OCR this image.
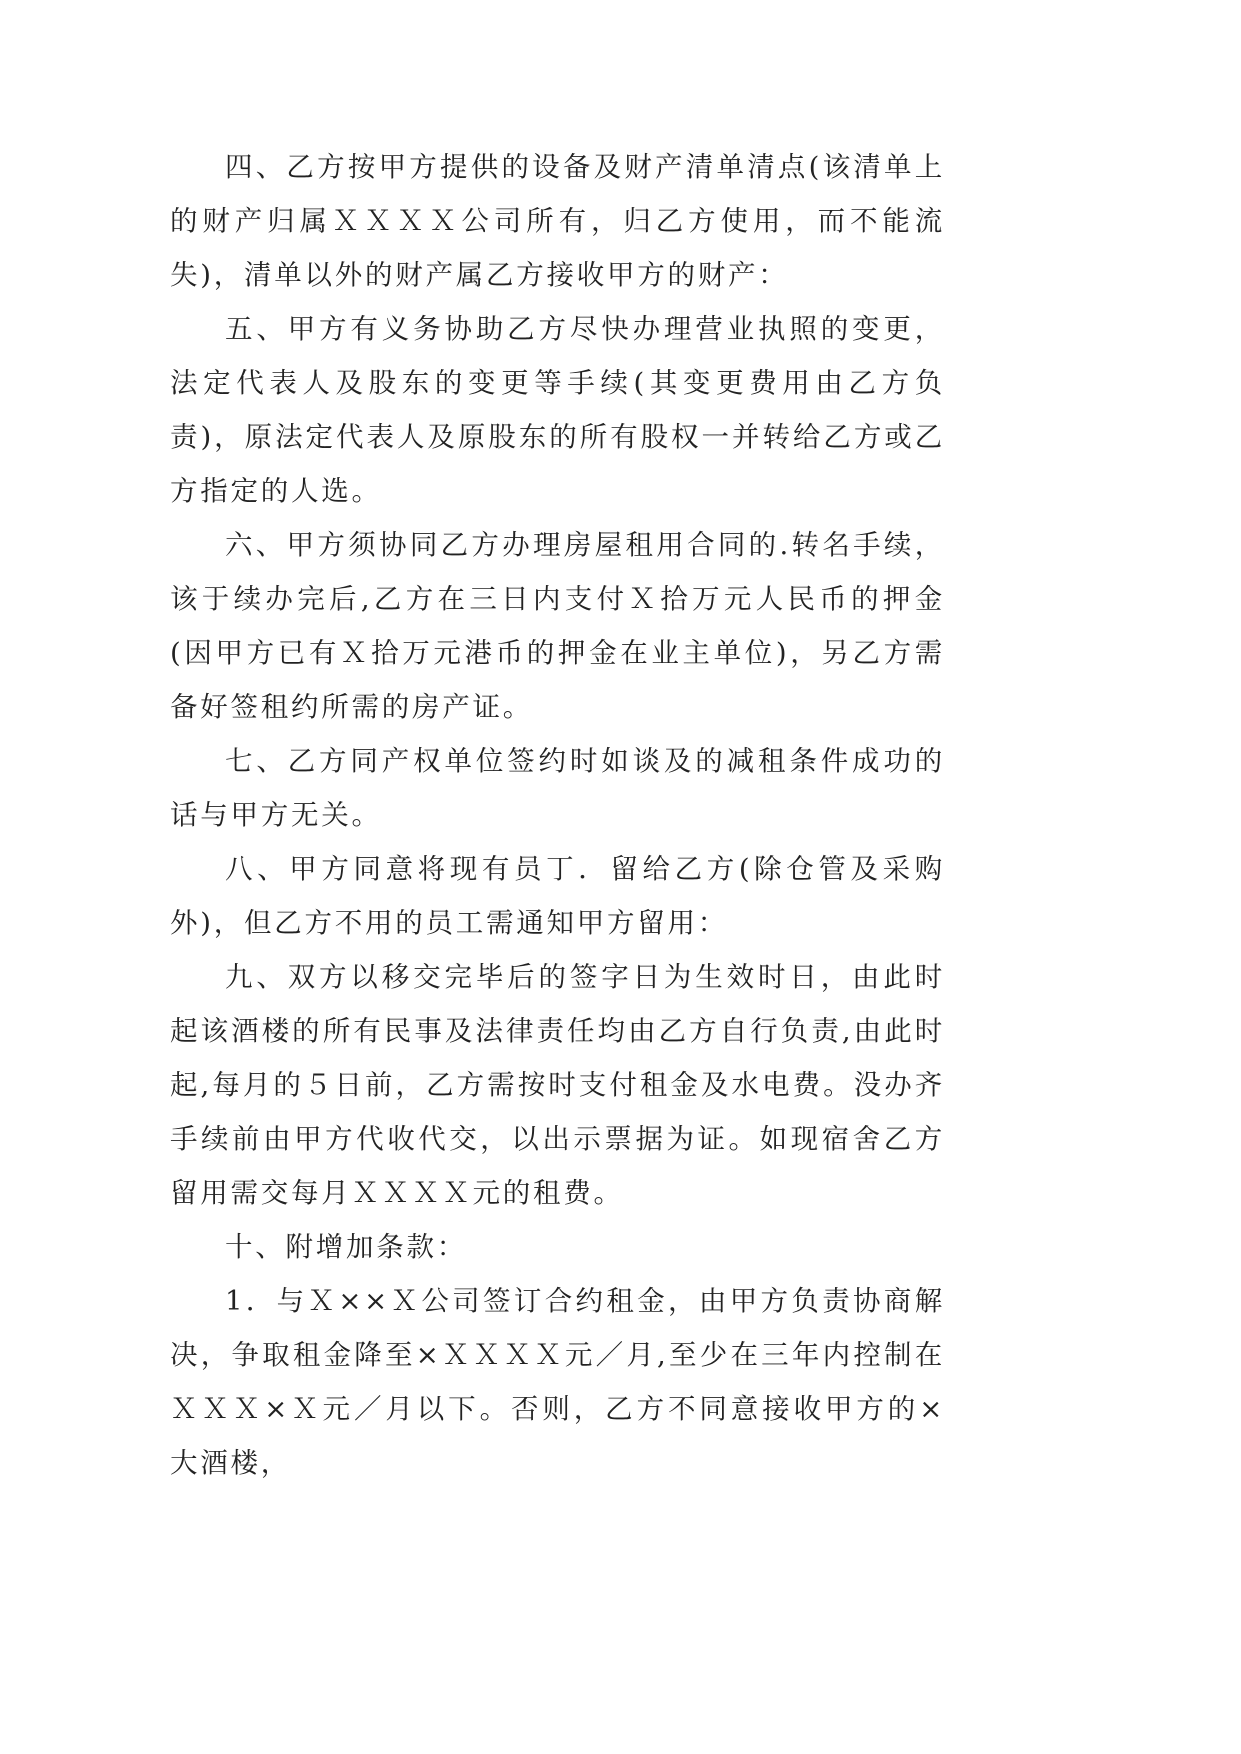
四、乙方按甲方提供的设备及财产清单清点(该清单上的财产归属ＸＸＸＸ公司所有，归乙方使用，而不能流失)，清单以外的财产属乙方接收甲方的财产：

五、甲方有义务协助乙方尽快办理营业执照的变更，法定代表人及股东的变更等手续(其变更费用由乙方负责)，原法定代表人及原股东的所有股权一并转给乙方或乙方指定的人选。

六、甲方须协同乙方办理房屋租用合同的.转名手续，该于续办完后,乙方在三日内支付Ｘ拾万元人民币的押金(因甲方已有Ｘ拾万元港币的押金在业主单位)，另乙方需备好签租约所需的房产证。

七、乙方同产权单位签约时如谈及的减租条件成功的话与甲方无关。

八、甲方同意将现有员丁．留给乙方(除仓管及采购外)，但乙方不用的员工需通知甲方留用：

九、双方以移交完毕后的签字日为生效时日，由此时起该酒楼的所有民事及法律责任均由乙方自行负责,由此时起,每月的５日前，乙方需按时支付租金及水电费。没办齐手续前由甲方代收代交，以出示票据为证。如现宿舍乙方留用需交每月ＸＸＸＸ元的租费。

十、附增加条款：

1．与Ｘ××Ｘ公司签订合约租金，由甲方负责协商解决，争取租金降至×ＸＸＸＸ元／月,至少在三年内控制在ＸＸＸ×Ｘ元／月以下。否则，乙方不同意接收甲方的×大酒楼，
